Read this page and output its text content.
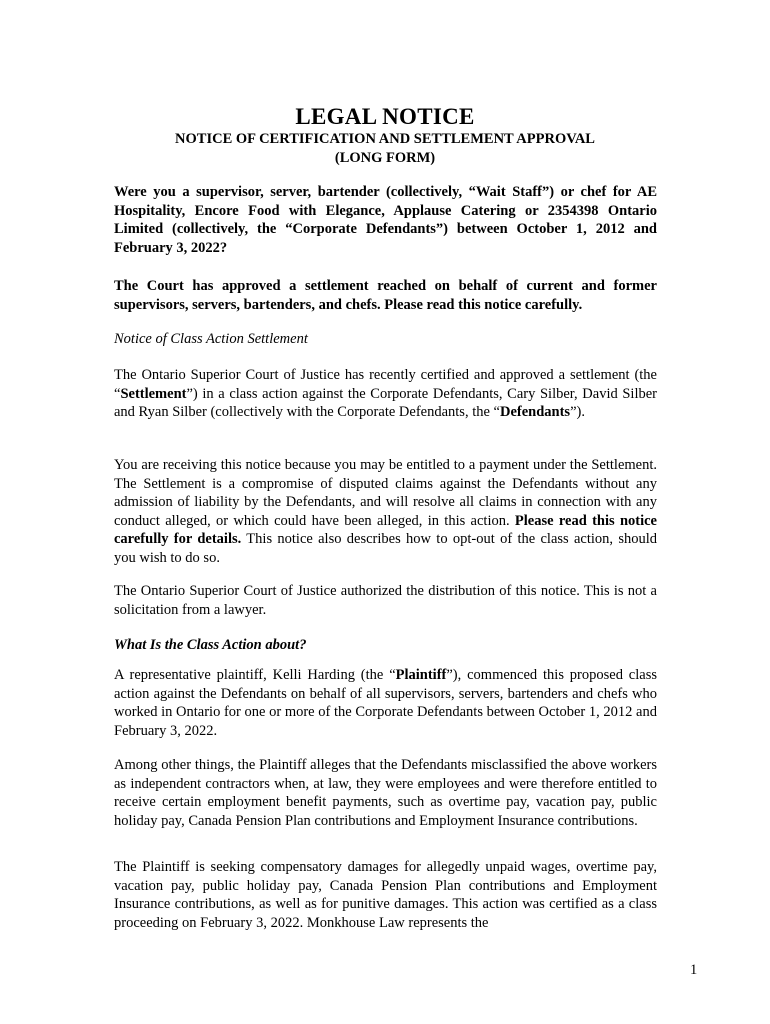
LEGAL NOTICE
NOTICE OF CERTIFICATION AND SETTLEMENT APPROVAL
(LONG FORM)
Were you a supervisor, server, bartender (collectively, “Wait Staff”) or chef for AE Hospitality, Encore Food with Elegance, Applause Catering or 2354398 Ontario Limited (collectively, the “Corporate Defendants”) between October 1, 2012 and February 3, 2022?
The Court has approved a settlement reached on behalf of current and former supervisors, servers, bartenders, and chefs. Please read this notice carefully.
Notice of Class Action Settlement
The Ontario Superior Court of Justice has recently certified and approved a settlement (the “Settlement”) in a class action against the Corporate Defendants, Cary Silber, David Silber and Ryan Silber (collectively with the Corporate Defendants, the “Defendants”).
You are receiving this notice because you may be entitled to a payment under the Settlement. The Settlement is a compromise of disputed claims against the Defendants without any admission of liability by the Defendants, and will resolve all claims in connection with any conduct alleged, or which could have been alleged, in this action. Please read this notice carefully for details. This notice also describes how to opt-out of the class action, should you wish to do so.
The Ontario Superior Court of Justice authorized the distribution of this notice. This is not a solicitation from a lawyer.
What Is the Class Action about?
A representative plaintiff, Kelli Harding (the “Plaintiff”), commenced this proposed class action against the Defendants on behalf of all supervisors, servers, bartenders and chefs who worked in Ontario for one or more of the Corporate Defendants between October 1, 2012 and February 3, 2022.
Among other things, the Plaintiff alleges that the Defendants misclassified the above workers as independent contractors when, at law, they were employees and were therefore entitled to receive certain employment benefit payments, such as overtime pay, vacation pay, public holiday pay, Canada Pension Plan contributions and Employment Insurance contributions.
The Plaintiff is seeking compensatory damages for allegedly unpaid wages, overtime pay, vacation pay, public holiday pay, Canada Pension Plan contributions and Employment Insurance contributions, as well as for punitive damages. This action was certified as a class proceeding on February 3, 2022. Monkhouse Law represents the
1
